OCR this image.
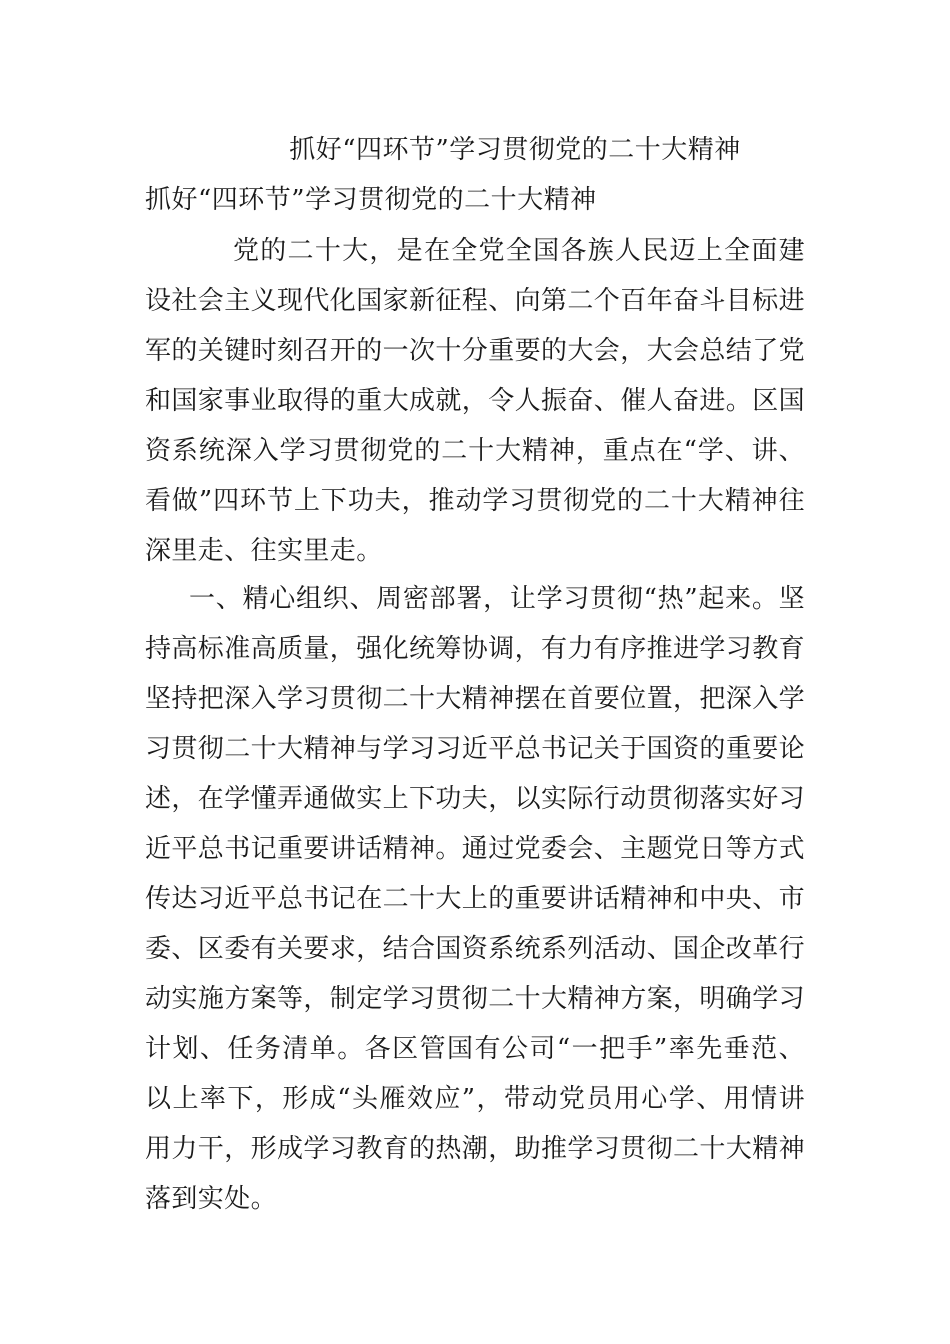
抓好“四环节”学习贯彻党的二十大精神
抓好“四环节”学习贯彻党的二十大精神

党的二十大，是在全党全国各族人民迈上全面建设社会主义现代化国家新征程、向第二个百年奋斗目标进军的关键时刻召开的一次十分重要的大会，大会总结了党和国家事业取得的重大成就，令人振奋、催人奋进。区国资系统深入学习贯彻党的二十大精神，重点在“学、讲、看做”四环节上下功夫，推动学习贯彻党的二十大精神往深里走、往实里走。

一、精心组织、周密部署，让学习贯彻“热”起来。坚持高标准高质量，强化统筹协调，有力有序推进学习教育坚持把深入学习贯彻二十大精神摆在首要位置，把深入学习贯彻二十大精神与学习习近平总书记关于国资的重要论述，在学懂弄通做实上下功夫，以实际行动贯彻落实好习近平总书记重要讲话精神。通过党委会、主题党日等方式传达习近平总书记在二十大上的重要讲话精神和中央、市委、区委有关要求，结合国资系统系列活动、国企改革行动实施方案等，制定学习贯彻二十大精神方案，明确学习计划、任务清单。各区管国有公司“一把手”率先垂范、以上率下，形成“头雁效应”，带动党员用心学、用情讲用力干，形成学习教育的热潮，助推学习贯彻二十大精神落到实处。
